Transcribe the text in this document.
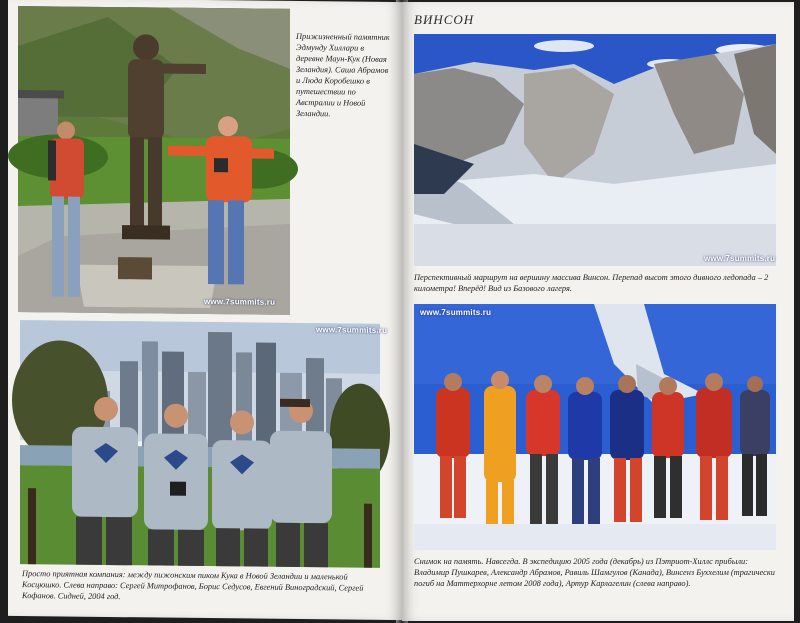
www.7summits.ru
Прижизненный памятник Эдмунду Хиллари в деревне Маун-Кук (Новая Зеландия). Саша Абрамов и Люда Коробешко в путешествии по Австралии и Новой Зеландии.
www.7summits.ru
Просто приятная компания: между пижонским пиком Кука в Новой Зеландии и маленькой Косцюшко. Слева направо: Сергей Митрофанов, Борис Седусов, Евгений Виноградский, Сергей Кофанов. Сидней, 2004 год.
ВИНСОН
www.7summits.ru
Перспективный маршрут на вершину массива Винсон. Перепад высот этого дивного ледопада – 2 километра! Вперёд! Вид из Базового лагеря.
www.7summits.ru
Снимок на память. Навсегда. В экспедицию 2005 года (декабрь) из Пэтриот-Хиллс прибыли: Владимир Пушкарев, Александр Абрамов, Равиль Шамгулов (Канада), Винсенз Буххелим (трагически погиб на Маттерхорне летом 2008 года), Артур Карлагелин (слева направо).
